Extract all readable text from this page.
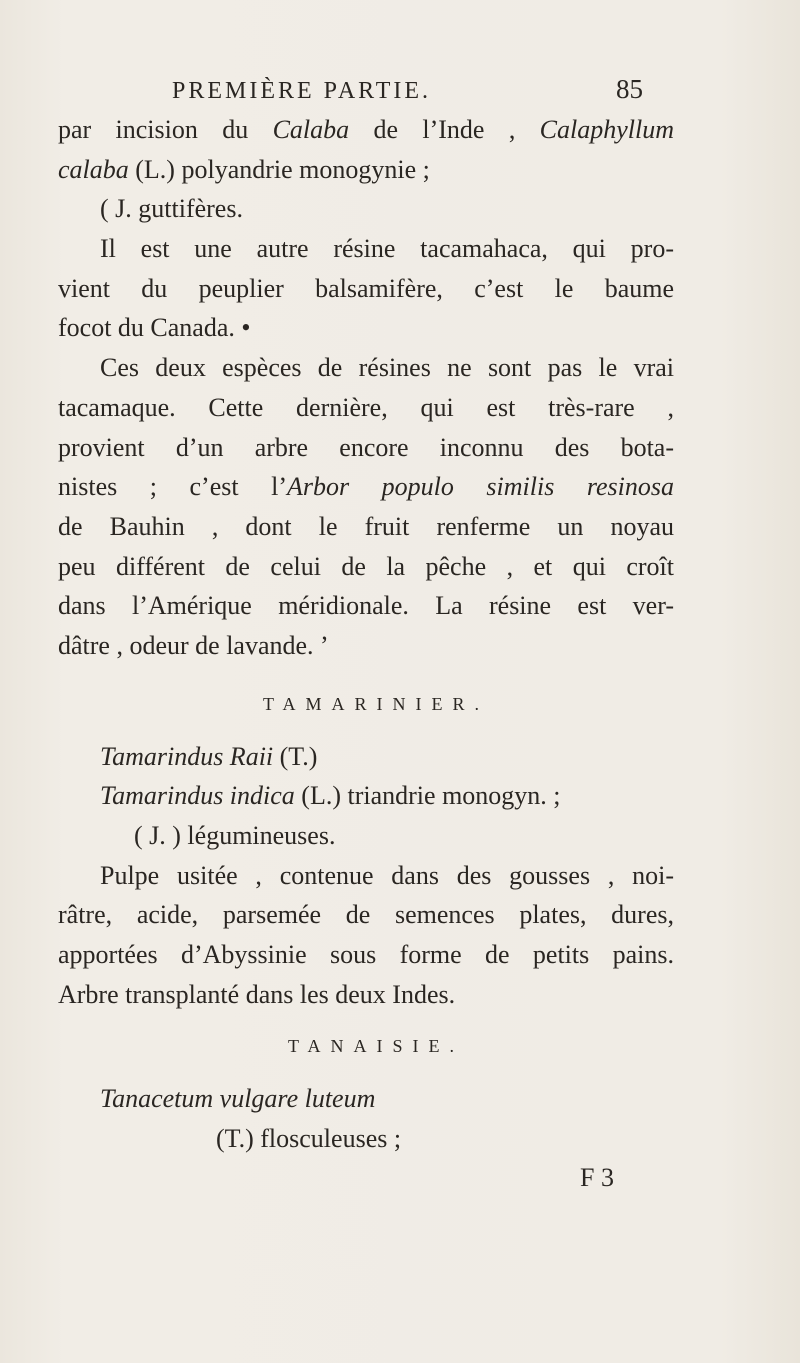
PREMIÈRE PARTIE.	85
par incision du Calaba de l’Inde , Calaphyllum
calaba (L.) polyandrie monogynie ;
( J. guttifères.
Il est une autre résine tacamahaca, qui pro-
vient du peuplier balsamifère, c’est le baume
focot du Canada. •
Ces deux espèces de résines ne sont pas le vrai
tacamaque. Cette dernière, qui est très-rare ,
provient d’un arbre encore inconnu des bota-
nistes ; c’est l’Arbor populo similis resinosa
de Bauhin , dont le fruit renferme un noyau
peu différent de celui de la pêche , et qui croît
dans l’Amérique méridionale. La résine est ver-
dâtre , odeur de lavande. ’
TAMARINIER.
Tamarindus Raii (T.)
Tamarindus indica (L.) triandrie monogyn. ;
( J. ) légumineuses.
Pulpe usitée , contenue dans des gousses , noi-
râtre, acide, parsemée de semences plates, dures,
apportées d’Abyssinie sous forme de petits pains.
Arbre transplanté dans les deux Indes.
TANAISIE.
Tanacetum vulgare luteum
(T.) flosculeuses ;
F 3
